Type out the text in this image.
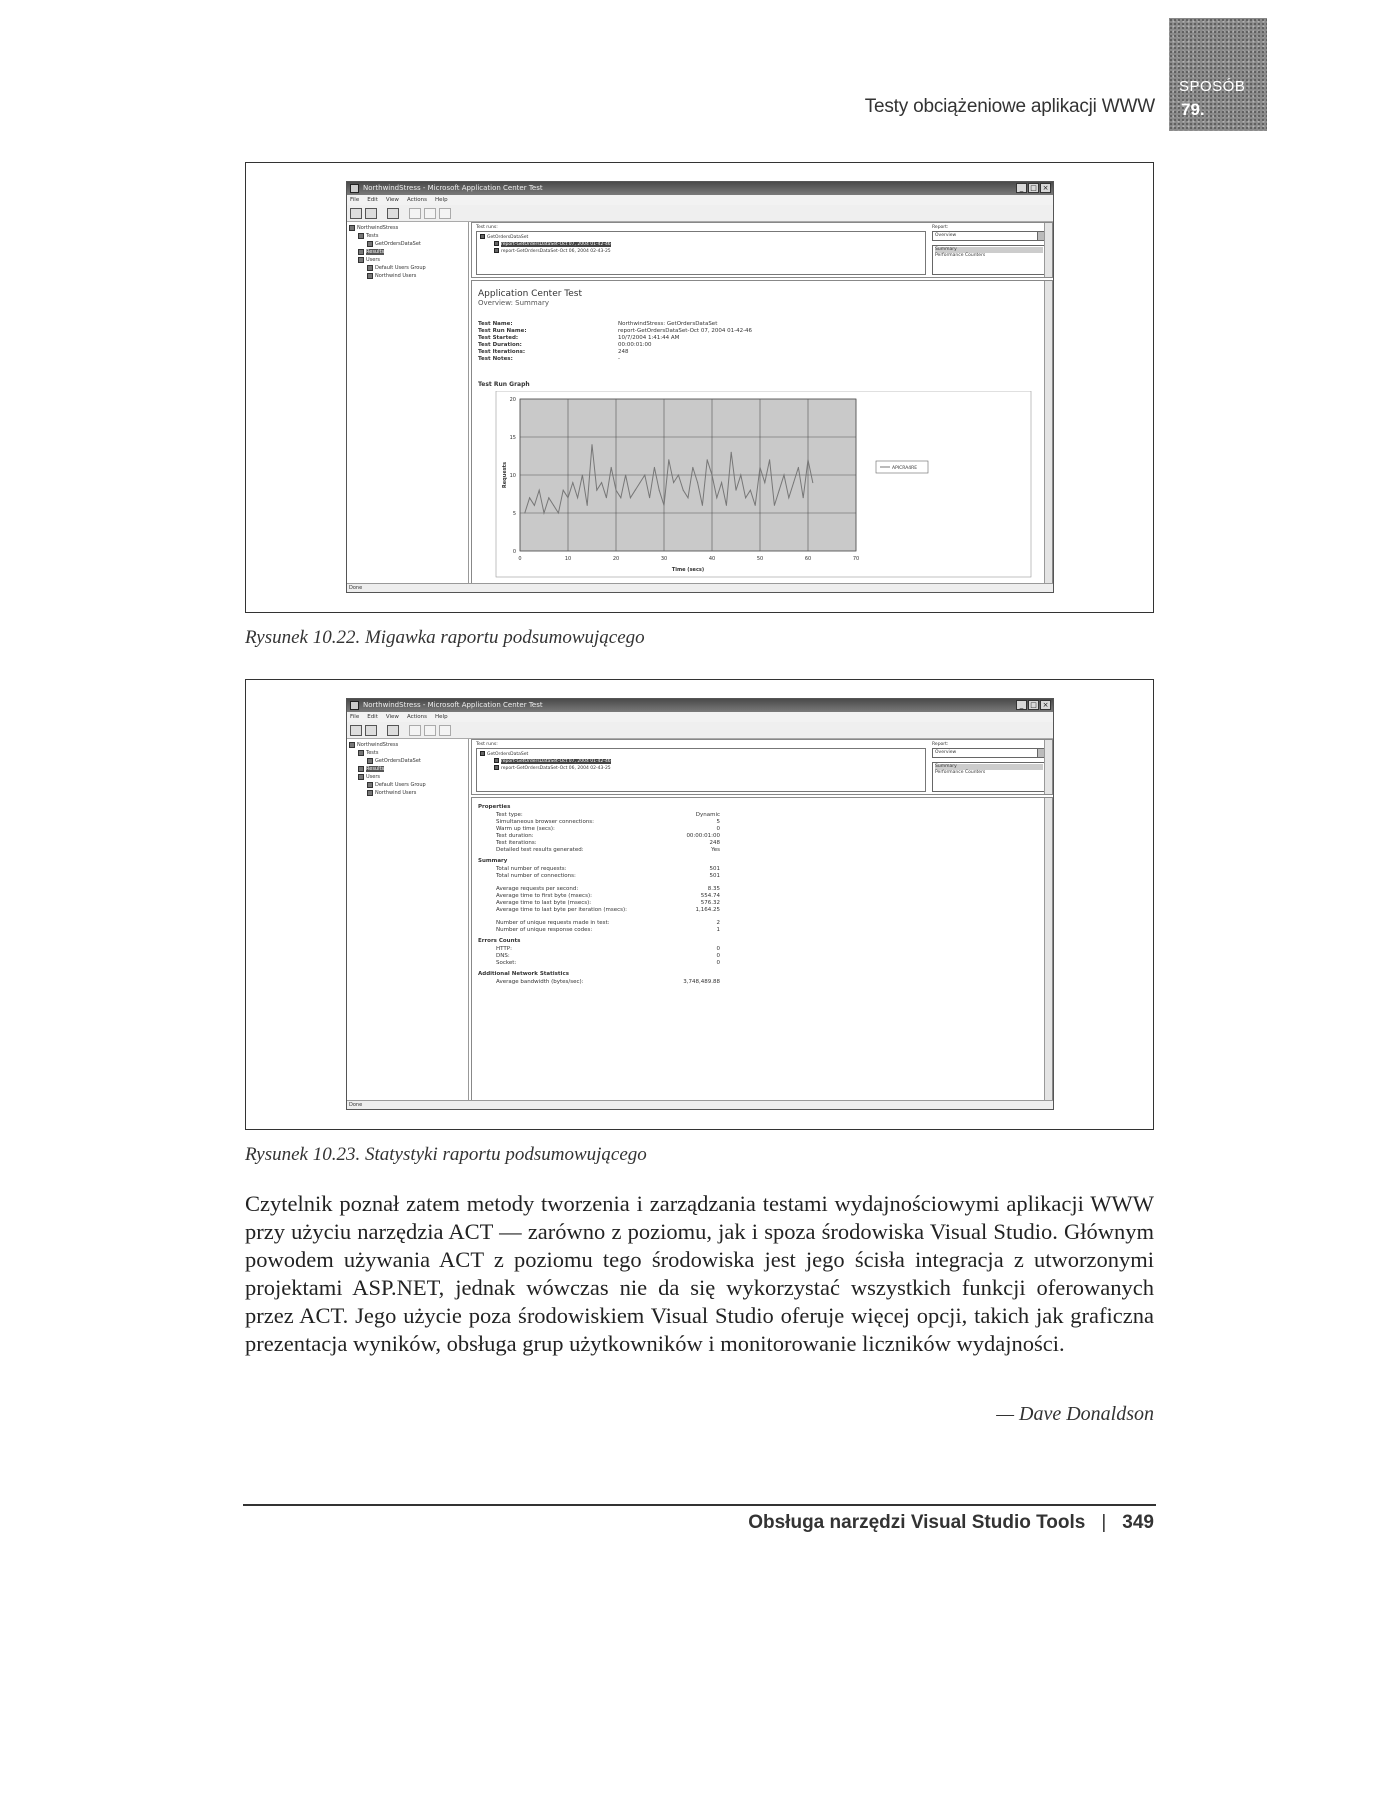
Testy obciążeniowe aplikacji WWW
SPOSÓB
79.
NorthwindStress - Microsoft Application Center Test	_ □ ×
File Edit View Actions Help
NorthwindStress
Tests
GetOrdersDataSet
Results
Users
Default Users Group
Northwind Users
Test runs:
GetOrdersDataSet
report-GetOrdersDataSet-Oct 07, 2004 01-42-46
report-GetOrdersDataSet-Oct 06, 2004 02-43-25
Report:
Overview
Summary
Performance Counters
Application Center Test
Overview: Summary
Test Name:	NorthwindStress: GetOrdersDataSet
Test Run Name:	report-GetOrdersDataSet-Oct 07, 2004 01-42-46
Test Started:	10/7/2004 1:41:44 AM
Test Duration:	00:00:01:00
Test Iterations:	248
Test Notes:	-
Test Run Graph
0	10	20	30	40	50	60	70
0
5
10
15
20
Time (secs)
Requests	APICRA4RE
Done
Rysunek 10.22. Migawka raportu podsumowującego
NorthwindStress - Microsoft Application Center Test	_ □ ×
File Edit View Actions Help
NorthwindStress
Tests
GetOrdersDataSet
Results
Users
Default Users Group
Northwind Users
Test runs:
GetOrdersDataSet
report-GetOrdersDataSet-Oct 07, 2004 01-42-46
report-GetOrdersDataSet-Oct 06, 2004 02-43-25
Report:
Overview
Summary
Performance Counters
Properties
Test type:	Dynamic
Simultaneous browser connections:	5
Warm up time (secs):	0
Test duration:	00:00:01:00
Test iterations:	248
Detailed test results generated:	Yes
Summary
Total number of requests:	501
Total number of connections:	501
Average requests per second:	8.35
Average time to first byte (msecs):	554.74
Average time to last byte (msecs):	576.32
Average time to last byte per iteration (msecs):	1,164.25
Number of unique requests made in test:	2
Number of unique response codes:	1
Errors Counts
HTTP:	0
DNS:	0
Socket:	0
Additional Network Statistics
Average bandwidth (bytes/sec):	3,748,489.88
Done
Rysunek 10.23. Statystyki raportu podsumowującego

Czytelnik poznał zatem metody tworzenia i zarządzania testami wydajnościowymi aplikacji WWW przy użyciu narzędzia ACT — zarówno z poziomu, jak i spoza środowiska Visual Studio. Głównym powodem używania ACT z poziomu tego środowiska jest jego ścisła integracja z utworzonymi projektami ASP.NET, jednak wówczas nie da się wykorzystać wszystkich funkcji oferowanych przez ACT. Jego użycie poza środowiskiem Visual Studio oferuje więcej opcji, takich jak graficzna prezentacja wyników, obsługa grup użytkowników i monitorowanie liczników wydajności.

— Dave Donaldson
Obsługa narzędzi Visual Studio Tools | 349
